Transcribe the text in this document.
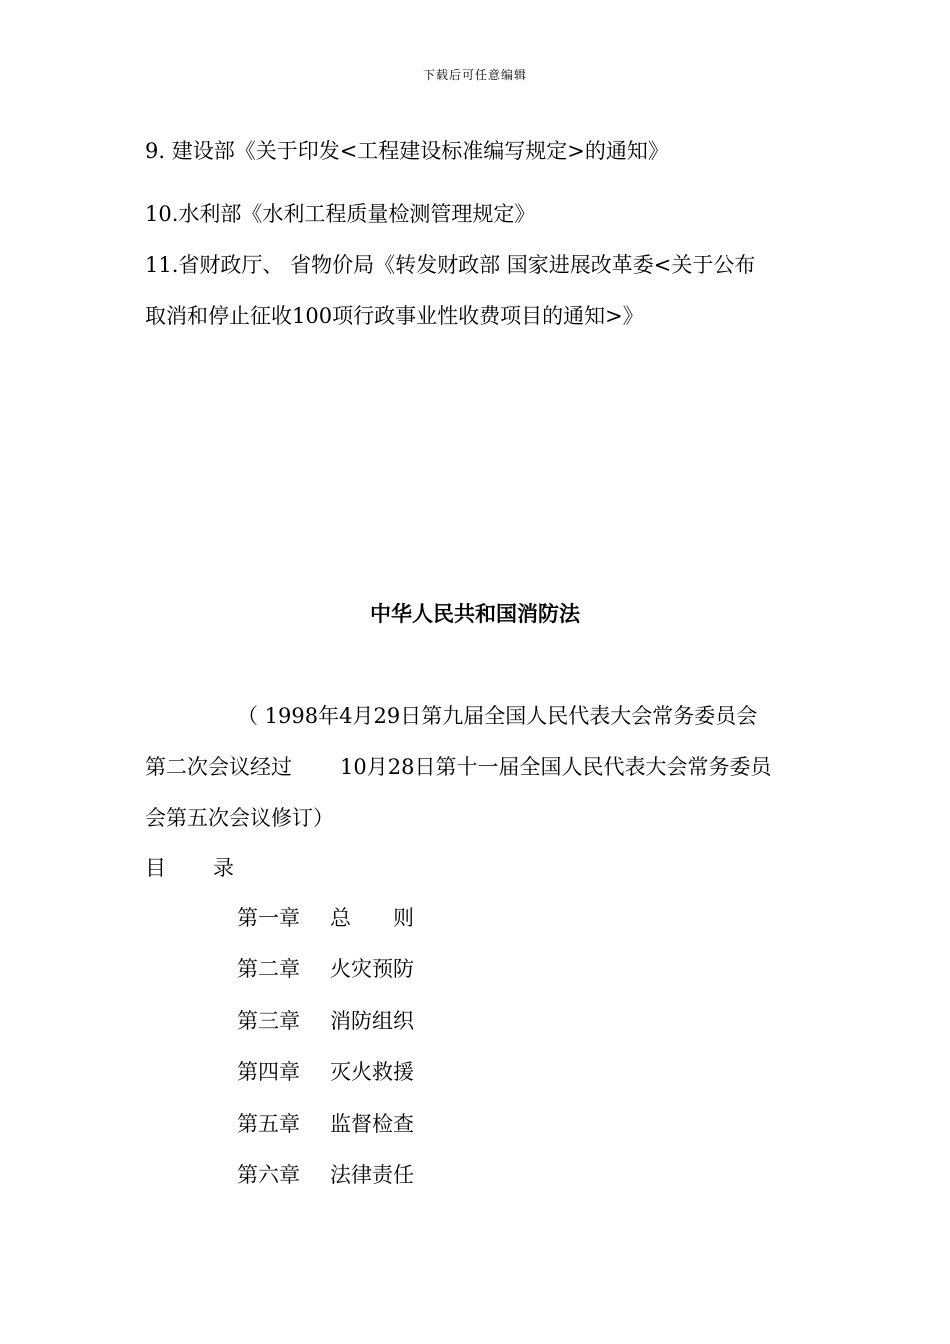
下载后可任意编辑
9. 建设部《关于印发<工程建设标准编写规定>的通知》
10.水利部《水利工程质量检测管理规定》
11.省财政厅、 省物价局《转发财政部 国家进展改革委<关于公布
取消和停止征收100项行政事业性收费项目的通知>》
中华人民共和国消防法
（ 1998年4月29日第九届全国人民代表大会常务委员会
第二次会议经过 10月28日第十一届全国人民代表大会常务委员
会第五次会议修订）
目 录
第一章 总　　则
第二章 火灾预防
第三章 消防组织
第四章 灭火救援
第五章 监督检查
第六章 法律责任
